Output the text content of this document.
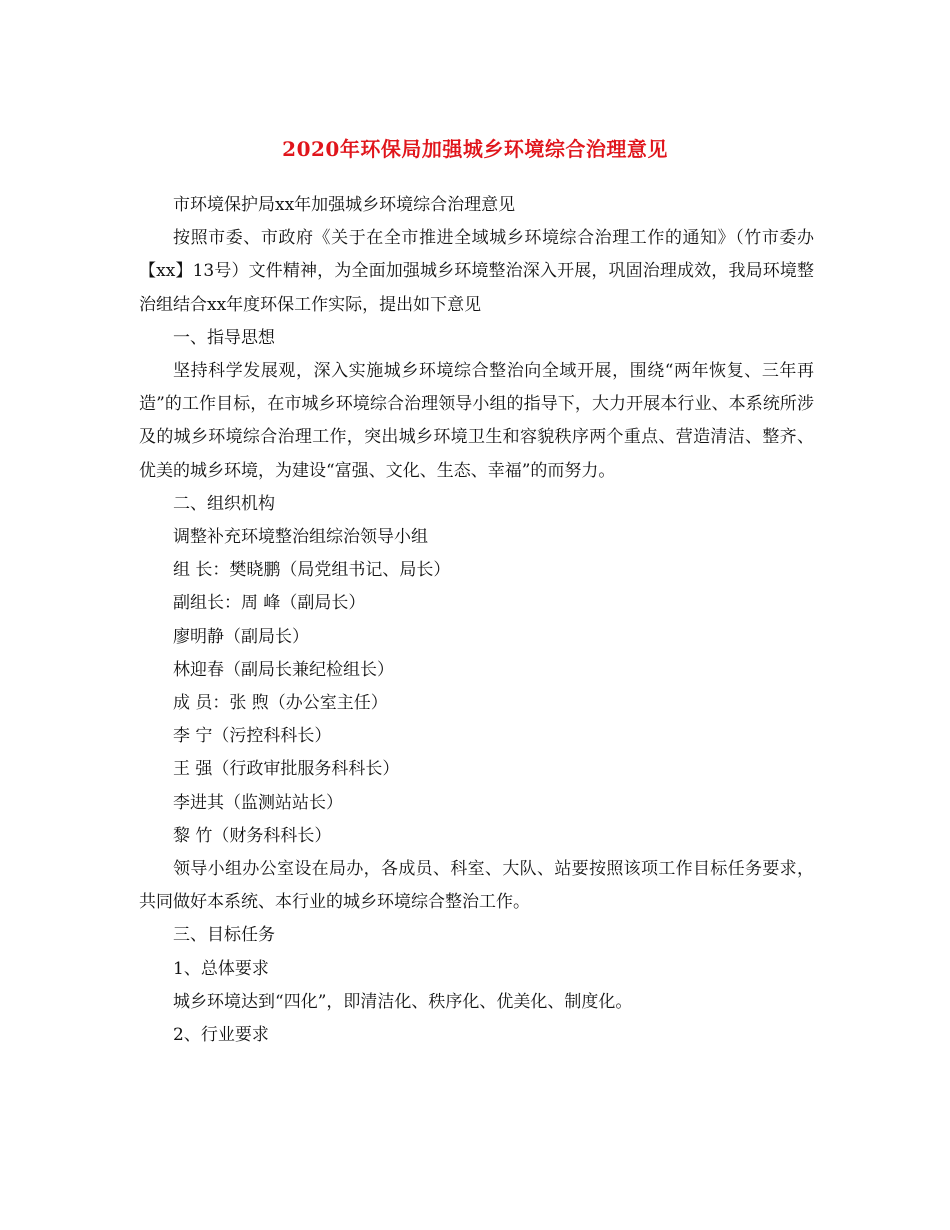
2020年环保局加强城乡环境综合治理意见

市环境保护局xx年加强城乡环境综合治理意见

按照市委、市政府《关于在全市推进全域城乡环境综合治理工作的通知》（竹市委办【xx】13号）文件精神，为全面加强城乡环境整治深入开展，巩固治理成效，我局环境整治组结合xx年度环保工作实际，提出如下意见

一、指导思想

坚持科学发展观，深入实施城乡环境综合整治向全域开展，围绕“两年恢复、三年再造”的工作目标，在市城乡环境综合治理领导小组的指导下，大力开展本行业、本系统所涉及的城乡环境综合治理工作，突出城乡环境卫生和容貌秩序两个重点、营造清洁、整齐、优美的城乡环境，为建设“富强、文化、生态、幸福”的而努力。

二、组织机构

调整补充环境整治组综治领导小组

组 长：樊晓鹏（局党组书记、局长）

副组长：周 峰（副局长）

廖明静（副局长）

林迎春（副局长兼纪检组长）

成 员：张 煦（办公室主任）

李 宁（污控科科长）

王 强（行政审批服务科科长）

李进其（监测站站长）

黎 竹（财务科科长）

领导小组办公室设在局办，各成员、科室、大队、站要按照该项工作目标任务要求，共同做好本系统、本行业的城乡环境综合整治工作。

三、目标任务

1、总体要求

城乡环境达到“四化”，即清洁化、秩序化、优美化、制度化。

2、行业要求
